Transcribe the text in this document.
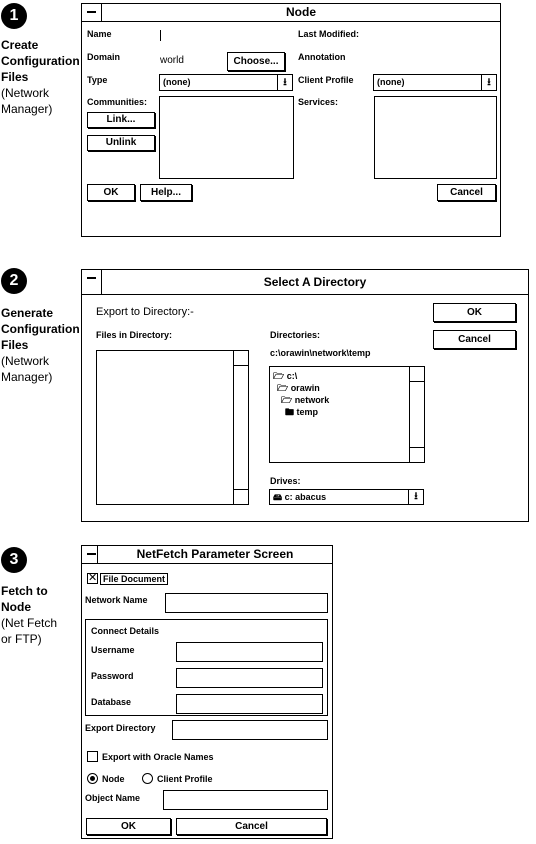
1
Create
Configuration
Files
(Network
Manager)
Node
Name
Domain	world	Choose...
Type	(none)	⭳
Communities:
Link...
Unlink
Last Modified:
Annotation
Client Profile	(none)	⭳
Services:
OK	Help...	Cancel
2
Generate
Configuration
Files
(Network
Manager)
Select A Directory
Export to Directory:-	OK
Cancel
Files in Directory:	Directories:
c:\orawin\network\temp
🗁 c:\
🗁 orawin
🗁 network
🖿 temp
Drives:
🖴 c: abacus	⭳
3
Fetch to
Node
(Net Fetch
or FTP)
NetFetch Parameter Screen
✕ File Document
Network Name
Connect Details
Username
Password
Database
Export Directory
Export with Oracle Names
Node	Client Profile
Object Name
OK	Cancel
